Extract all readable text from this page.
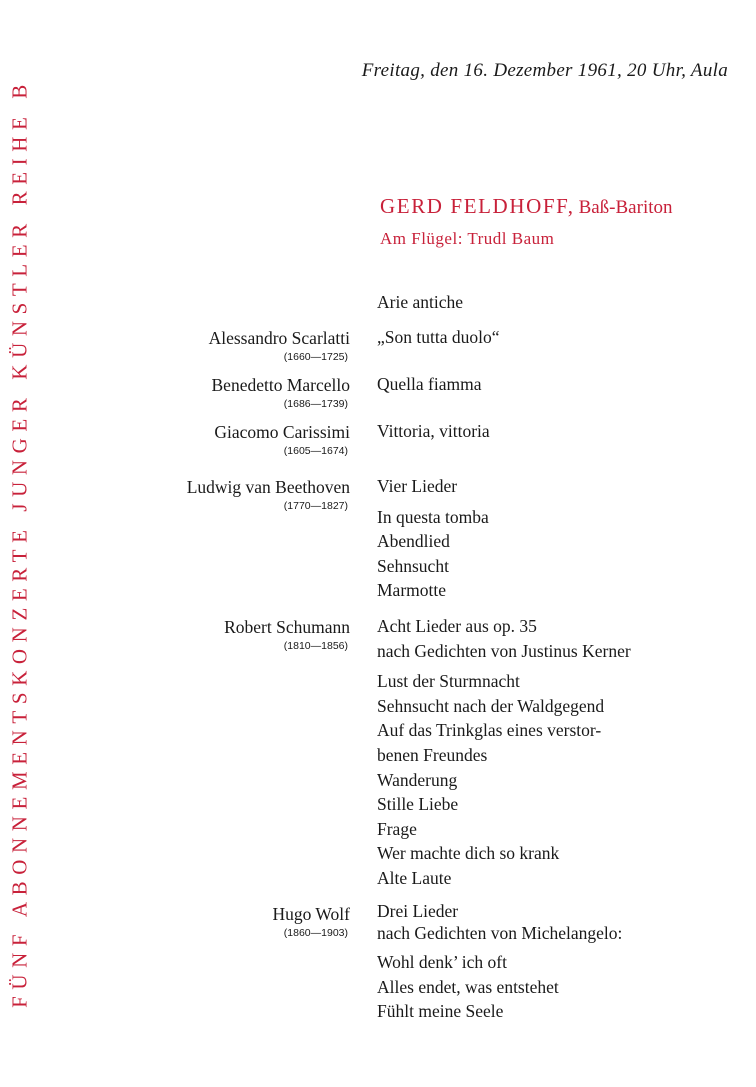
FÜNF ABONNEMENTSKONZERTE JUNGER KÜNSTLER REIHE B
Freitag, den 16. Dezember 1961, 20 Uhr, Aula
GERD FELDHOFF, Baß-Bariton
Am Flügel: Trudl Baum
Arie antiche
Alessandro Scarlatti
(1660—1725)
„Son tutta duolo“
Benedetto Marcello
(1686—1739)
Quella fiamma
Giacomo Carissimi
(1605—1674)
Vittoria, vittoria
Ludwig van Beethoven
(1770—1827)
Vier Lieder
In questa tomba
Abendlied
Sehnsucht
Marmotte
Robert Schumann
(1810—1856)
Acht Lieder aus op. 35
nach Gedichten von Justinus Kerner
Lust der Sturmnacht
Sehnsucht nach der Waldgegend
Auf das Trinkglas eines verstor-
benen Freundes
Wanderung
Stille Liebe
Frage
Wer machte dich so krank
Alte Laute
Hugo Wolf
(1860—1903)
Drei Lieder
nach Gedichten von Michelangelo:
Wohl denk’ ich oft
Alles endet, was entstehet
Fühlt meine Seele
